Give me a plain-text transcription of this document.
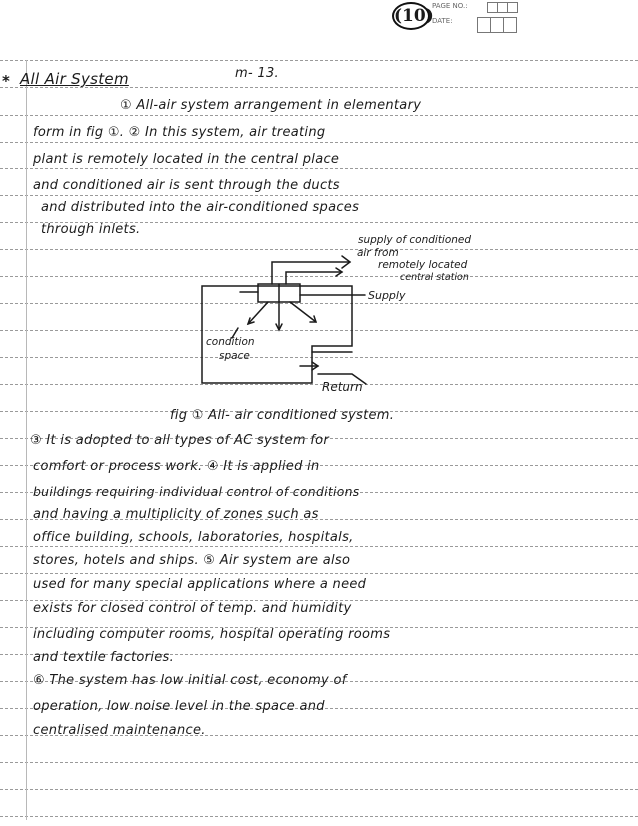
(10)
PAGE NO.:
DATE:
* All Air System	m- 13.
① All-air system arrangement in elementary
form in fig ①. ② In this system, air treating
plant is remotely located in the central place
and conditioned air is sent through the ducts
and distributed into the air-conditioned spaces
through inlets.
supply of conditioned
air from
remotely located
central station
Supply
condition
space
Return
fig ① All- air conditioned system.
③ It is adopted to all types of AC system for
comfort or process work. ④ It is applied in
buildings requiring individual control of conditions
and having a multiplicity of zones such as
office building, schools, laboratories, hospitals,
stores, hotels and ships. ⑤ Air system are also
used for many special applications where a need
exists for closed control of temp. and humidity
including computer rooms, hospital operating rooms
and textile factories.
⑥ The system has low initial cost, economy of
operation, low noise level in the space and
centralised maintenance.
